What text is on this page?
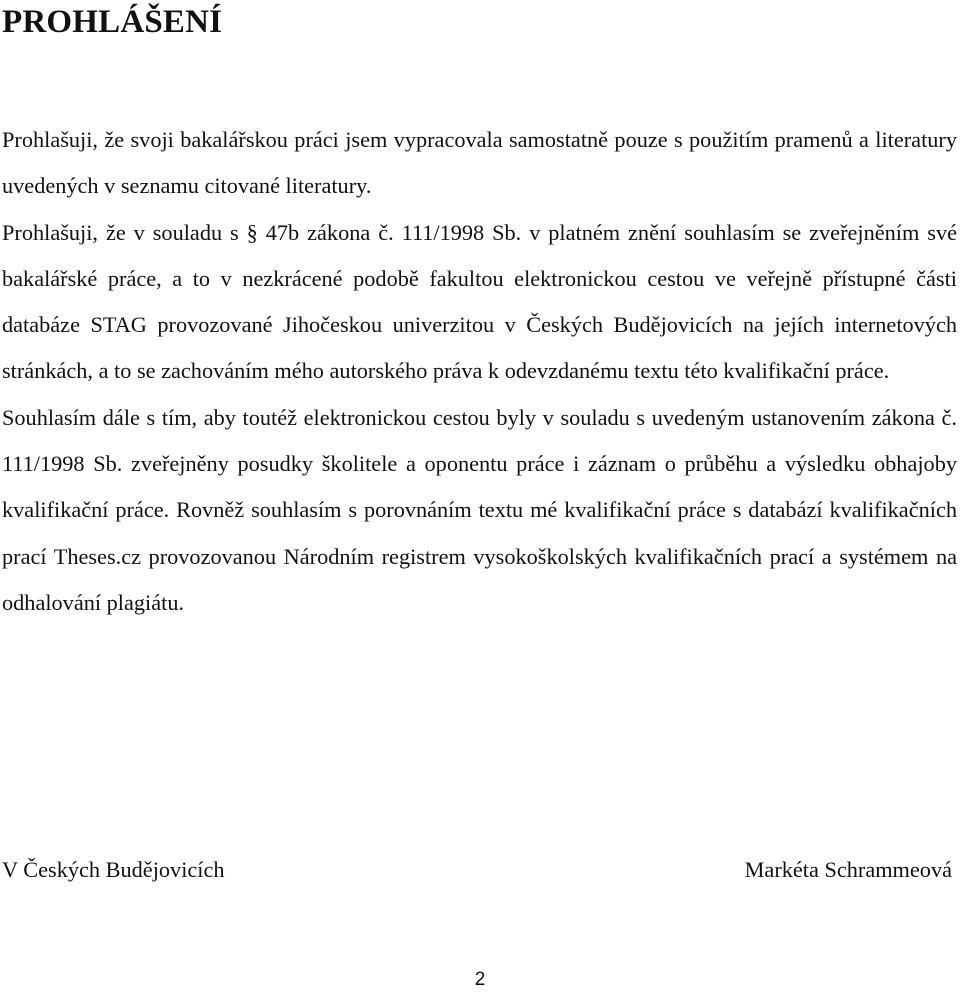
PROHLÁŠENÍ

Prohlašuji, že svoji bakalářskou práci jsem vypracovala samostatně pouze s použitím pramenů a literatury uvedených v seznamu citované literatury.

Prohlašuji, že v souladu s § 47b zákona č. 111/1998 Sb. v platném znění souhlasím se zveřejněním své bakalářské práce, a to v nezkrácené podobě fakultou elektronickou cestou ve veřejně přístupné části databáze STAG provozované Jihočeskou univerzitou v Českých Budějovicích na jejích internetových stránkách, a to se zachováním mého autorského práva k odevzdanému textu této kvalifikační práce.

Souhlasím dále s tím, aby toutéž elektronickou cestou byly v souladu s uvedeným ustanovením zákona č. 111/1998 Sb. zveřejněny posudky školitele a oponentu práce i záznam o průběhu a výsledku obhajoby kvalifikační práce. Rovněž souhlasím s porovnáním textu mé kvalifikační práce s databází kvalifikačních prací Theses.cz provozovanou Národním registrem vysokoškolských kvalifikačních prací a systémem na odhalování plagiátu.

V Českých Budějovicích	Markéta Schrammeová
2
